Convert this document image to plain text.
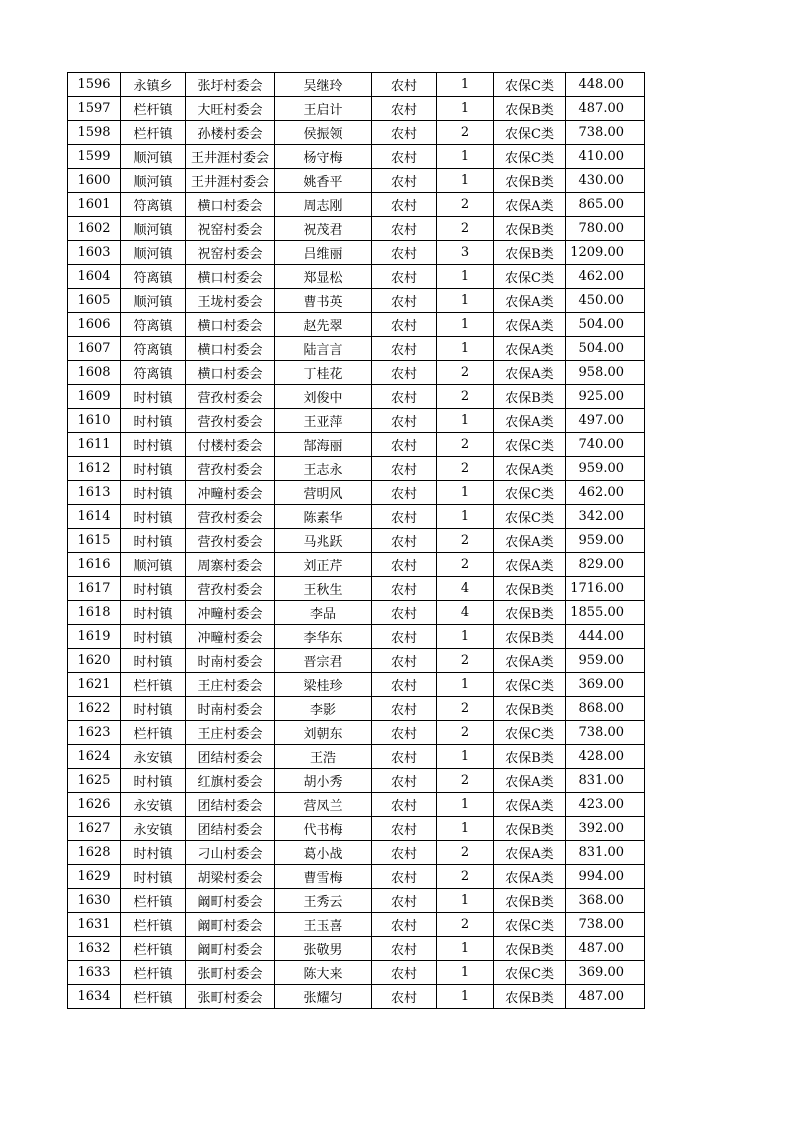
1596	永镇乡	张圩村委会	吴继玲	农村	1	农保C类	448.00
1597	栏杆镇	大旺村委会	王启计	农村	1	农保B类	487.00
1598	栏杆镇	孙楼村委会	侯振领	农村	2	农保C类	738.00
1599	顺河镇	王井涯村委会	杨守梅	农村	1	农保C类	410.00
1600	顺河镇	王井涯村委会	姚香平	农村	1	农保B类	430.00
1601	符离镇	横口村委会	周志刚	农村	2	农保A类	865.00
1602	顺河镇	祝窑村委会	祝茂君	农村	2	农保B类	780.00
1603	顺河镇	祝窑村委会	吕维丽	农村	3	农保B类	1209.00
1604	符离镇	横口村委会	郑显松	农村	1	农保C类	462.00
1605	顺河镇	王垅村委会	曹书英	农村	1	农保A类	450.00
1606	符离镇	横口村委会	赵先翠	农村	1	农保A类	504.00
1607	符离镇	横口村委会	陆言言	农村	1	农保A类	504.00
1608	符离镇	横口村委会	丁桂花	农村	2	农保A类	958.00
1609	时村镇	营孜村委会	刘俊中	农村	2	农保B类	925.00
1610	时村镇	营孜村委会	王亚萍	农村	1	农保A类	497.00
1611	时村镇	付楼村委会	郜海丽	农村	2	农保C类	740.00
1612	时村镇	营孜村委会	王志永	农村	2	农保A类	959.00
1613	时村镇	冲疃村委会	营明风	农村	1	农保C类	462.00
1614	时村镇	营孜村委会	陈素华	农村	1	农保C类	342.00
1615	时村镇	营孜村委会	马兆跃	农村	2	农保A类	959.00
1616	顺河镇	周寨村委会	刘正芹	农村	2	农保A类	829.00
1617	时村镇	营孜村委会	王秋生	农村	4	农保B类	1716.00
1618	时村镇	冲疃村委会	李品	农村	4	农保B类	1855.00
1619	时村镇	冲疃村委会	李华东	农村	1	农保B类	444.00
1620	时村镇	时南村委会	晋宗君	农村	2	农保A类	959.00
1621	栏杆镇	王庄村委会	梁桂珍	农村	1	农保C类	369.00
1622	时村镇	时南村委会	李影	农村	2	农保B类	868.00
1623	栏杆镇	王庄村委会	刘朝东	农村	2	农保C类	738.00
1624	永安镇	团结村委会	王浩	农村	1	农保B类	428.00
1625	时村镇	红旗村委会	胡小秀	农村	2	农保A类	831.00
1626	永安镇	团结村委会	营凤兰	农村	1	农保A类	423.00
1627	永安镇	团结村委会	代书梅	农村	1	农保B类	392.00
1628	时村镇	刁山村委会	葛小战	农村	2	农保A类	831.00
1629	时村镇	胡梁村委会	曹雪梅	农村	2	农保A类	994.00
1630	栏杆镇	阚町村委会	王秀云	农村	1	农保B类	368.00
1631	栏杆镇	阚町村委会	王玉喜	农村	2	农保C类	738.00
1632	栏杆镇	阚町村委会	张敬男	农村	1	农保B类	487.00
1633	栏杆镇	张町村委会	陈大来	农村	1	农保C类	369.00
1634	栏杆镇	张町村委会	张耀匀	农村	1	农保B类	487.00
